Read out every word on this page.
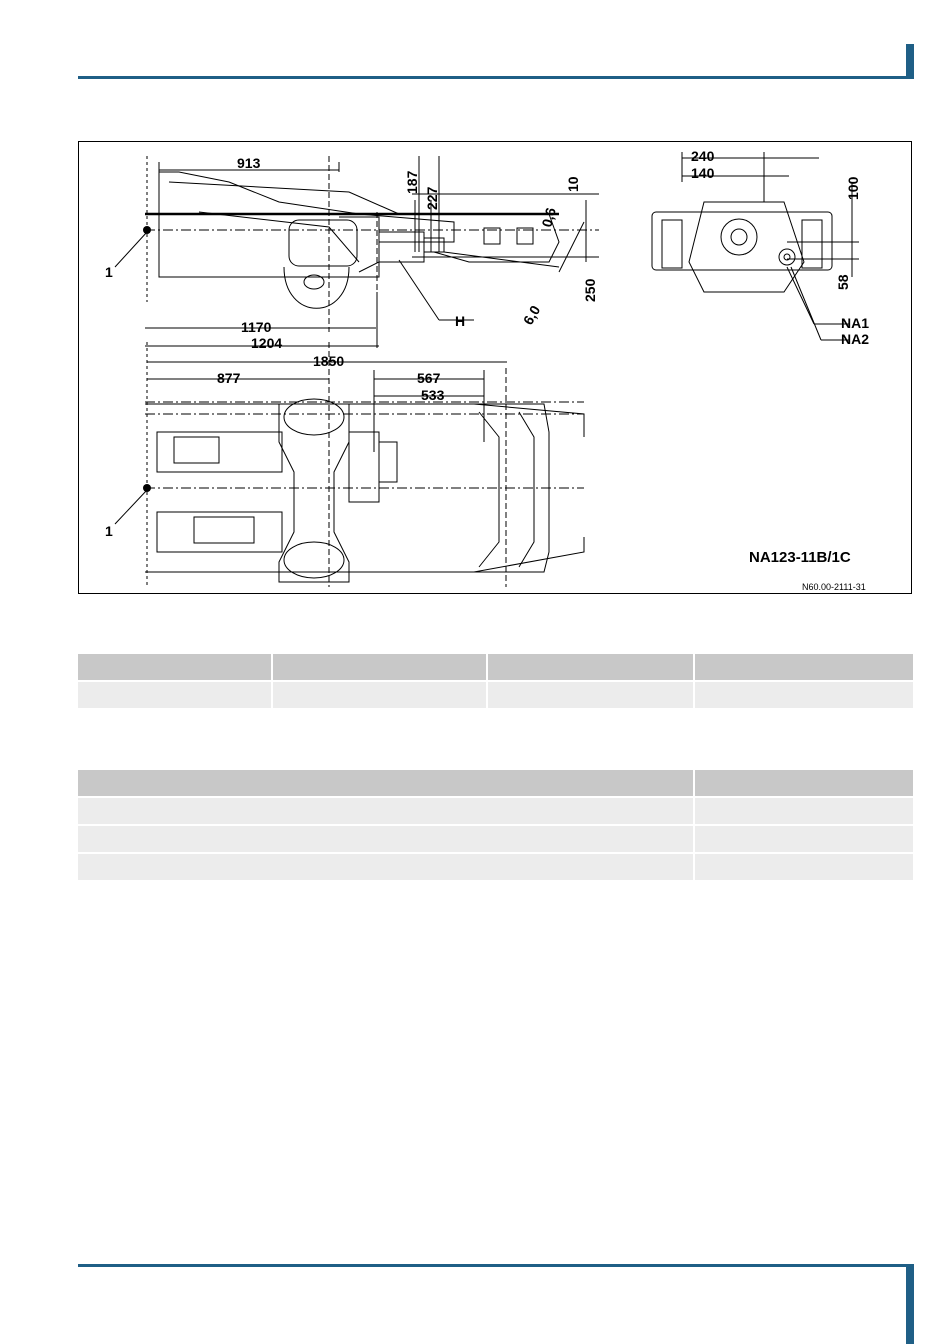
913
187
227
10
0,6
250
6,0
1170
1204
1
H
240
140
100
58
NA1
NA2
1850
877	567
533
1
NA123-11B/1C
N60.00-2111-31
